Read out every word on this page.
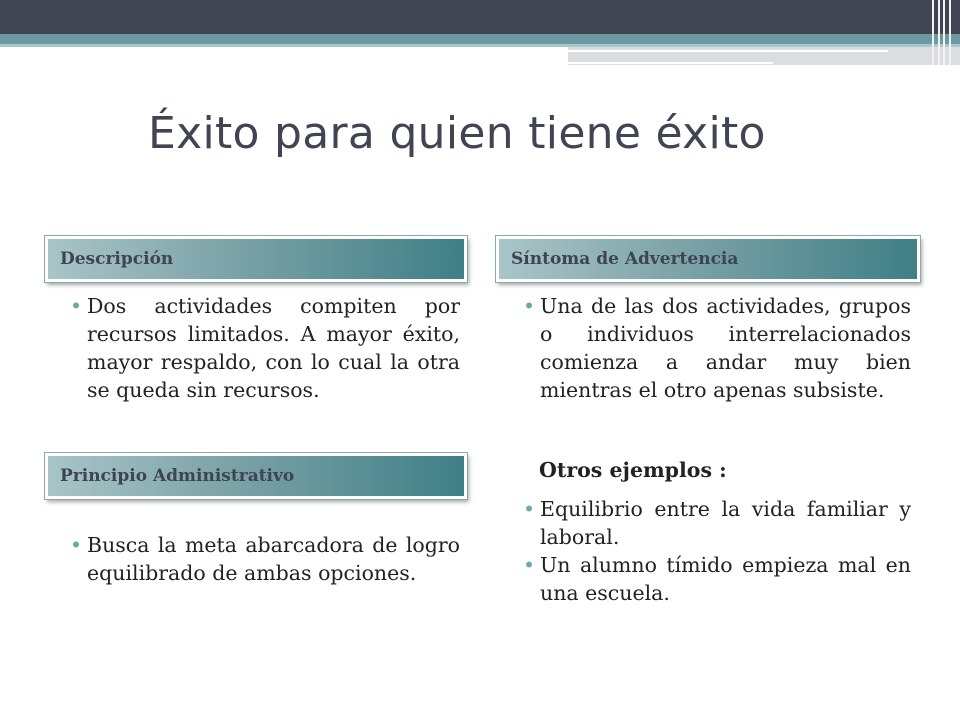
Éxito para quien tiene éxito
Descripción	Síntoma de Advertencia
• Dos actividades compiten por recursos limitados. A mayor éxito, mayor respaldo, con lo cual la otra se queda sin recursos.
• Una de las dos actividades, grupos o individuos interrelacionados comienza a andar muy bien mientras el otro apenas subsiste.
Principio Administrativo
• Busca la meta abarcadora de logro equilibrado de ambas opciones.
Otros ejemplos :
• Equilibrio entre la vida familiar y laboral.
• Un alumno tímido empieza mal en una escuela.
